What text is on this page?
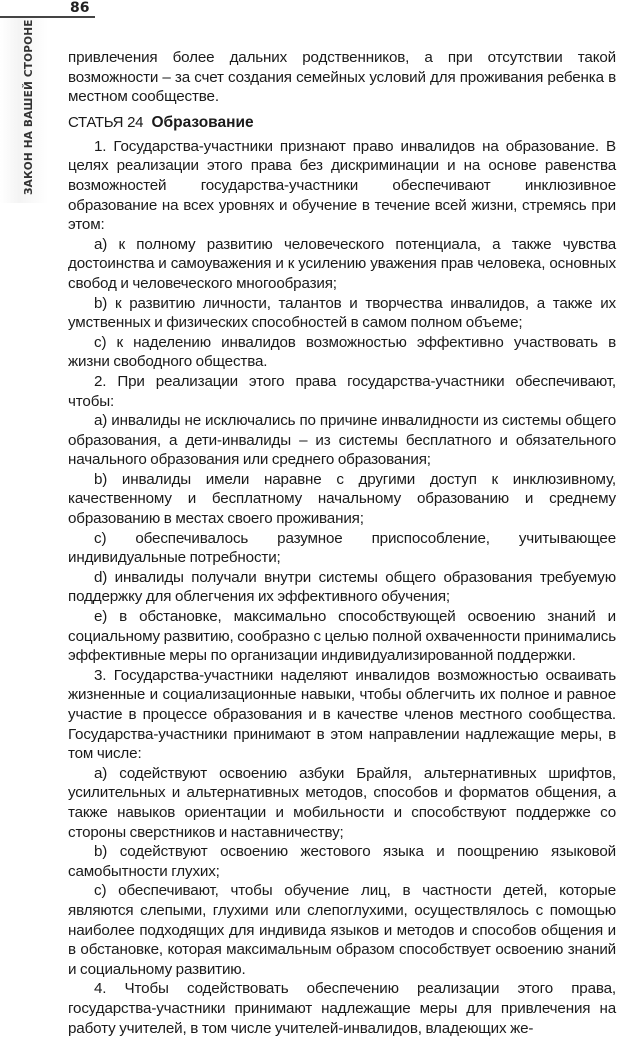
86
ЗАКОН НА ВАШЕЙ СТОРОНЕ привлечения более дальних родственников, а при отсутствии такой возможности – за счет создания семейных условий для проживания ребенка в местном сообществе.

СТАТЬЯ 24 Образование

1. Государства-участники признают право инвалидов на образование. В целях реализации этого права без дискриминации и на основе равенства возможностей государства-участники обеспечивают инклюзивное образование на всех уровнях и обучение в течение всей жизни, стремясь при этом:

a) к полному развитию человеческого потенциала, а также чувства достоинства и самоуважения и к усилению уважения прав человека, основных свобод и человеческого многообразия;

b) к развитию личности, талантов и творчества инвалидов, а также их умственных и физических способностей в самом полном объеме;

c) к наделению инвалидов возможностью эффективно участвовать в жизни свободного общества.

2. При реализации этого права государства-участники обеспечивают, чтобы:

a) инвалиды не исключались по причине инвалидности из системы общего образования, а дети-инвалиды – из системы бесплатного и обязательного начального образования или среднего образования;

b) инвалиды имели наравне с другими доступ к инклюзивному, качественному и бесплатному начальному образованию и среднему образованию в местах своего проживания;

c) обеспечивалось разумное приспособление, учитывающее индивидуальные потребности;

d) инвалиды получали внутри системы общего образования требуемую поддержку для облегчения их эффективного обучения;

e) в обстановке, максимально способствующей освоению знаний и социальному развитию, сообразно с целью полной охваченности принимались эффективные меры по организации индивидуализированной поддержки.

3. Государства-участники наделяют инвалидов возможностью осваивать жизненные и социализационные навыки, чтобы облегчить их полное и равное участие в процессе образования и в качестве членов местного сообщества. Государства-участники принимают в этом направлении надлежащие меры, в том числе:

a) содействуют освоению азбуки Брайля, альтернативных шрифтов, усилительных и альтернативных методов, способов и форматов общения, а также навыков ориентации и мобильности и способствуют поддержке со стороны сверстников и наставничеству;

b) содействуют освоению жестового языка и поощрению языковой самобытности глухих;

c) обеспечивают, чтобы обучение лиц, в частности детей, которые являются слепыми, глухими или слепоглухими, осуществлялось с помощью наиболее подходящих для индивида языков и методов и способов общения и в обстановке, которая максимальным образом способствует освоению знаний и социальному развитию.

4. Чтобы содействовать обеспечению реализации этого права, государства-участники принимают надлежащие меры для привлечения на работу учителей, в том числе учителей-инвалидов, владеющих же-
